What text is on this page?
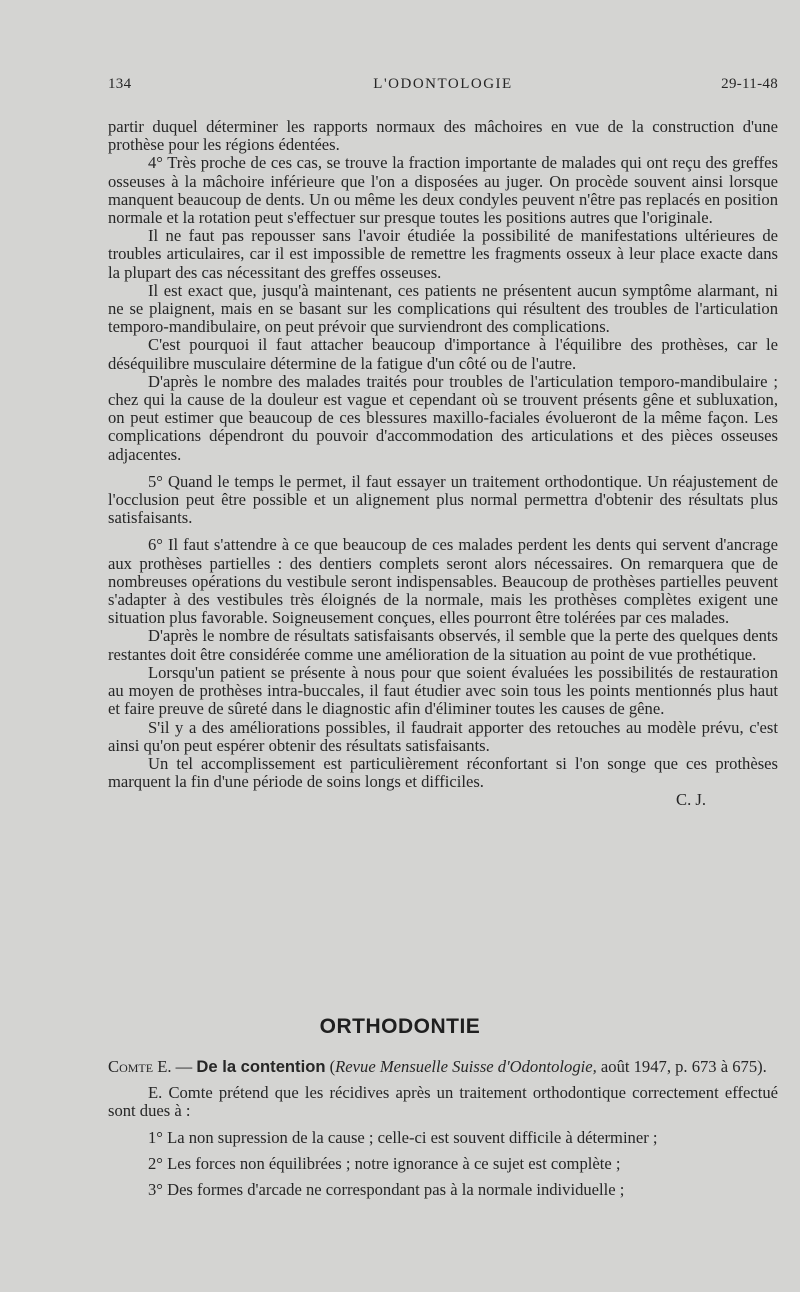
134	L'ODONTOLOGIE	29-11-48

partir duquel déterminer les rapports normaux des mâchoires en vue de la construction d'une prothèse pour les régions édentées.

4° Très proche de ces cas, se trouve la fraction importante de malades qui ont reçu des greffes osseuses à la mâchoire inférieure que l'on a disposées au juger. On procède souvent ainsi lorsque manquent beaucoup de dents. Un ou même les deux condyles peuvent n'être pas replacés en position normale et la rotation peut s'effectuer sur presque toutes les positions autres que l'originale.

Il ne faut pas repousser sans l'avoir étudiée la possibilité de manifestations ultérieures de troubles articulaires, car il est impossible de remettre les fragments osseux à leur place exacte dans la plupart des cas nécessitant des greffes osseuses.

Il est exact que, jusqu'à maintenant, ces patients ne présentent aucun symptôme alarmant, ni ne se plaignent, mais en se basant sur les complications qui résultent des troubles de l'articulation temporo-mandibulaire, on peut prévoir que surviendront des complications.

C'est pourquoi il faut attacher beaucoup d'importance à l'équilibre des prothèses, car le déséquilibre musculaire détermine de la fatigue d'un côté ou de l'autre.

D'après le nombre des malades traités pour troubles de l'articulation temporo-mandibulaire ; chez qui la cause de la douleur est vague et cependant où se trouvent présents gêne et subluxation, on peut estimer que beaucoup de ces blessures maxillo-faciales évolueront de la même façon. Les complications dépendront du pouvoir d'accommodation des articulations et des pièces osseuses adjacentes.

5° Quand le temps le permet, il faut essayer un traitement orthodontique. Un réajustement de l'occlusion peut être possible et un alignement plus normal permettra d'obtenir des résultats plus satisfaisants.

6° Il faut s'attendre à ce que beaucoup de ces malades perdent les dents qui servent d'ancrage aux prothèses partielles : des dentiers complets seront alors nécessaires. On remarquera que de nombreuses opérations du vestibule seront indispensables. Beaucoup de prothèses partielles peuvent s'adapter à des vestibules très éloignés de la normale, mais les prothèses complètes exigent une situation plus favorable. Soigneusement conçues, elles pourront être tolérées par ces malades.

D'après le nombre de résultats satisfaisants observés, il semble que la perte des quelques dents restantes doit être considérée comme une amélioration de la situation au point de vue prothétique.

Lorsqu'un patient se présente à nous pour que soient évaluées les possibilités de restauration au moyen de prothèses intra-buccales, il faut étudier avec soin tous les points mentionnés plus haut et faire preuve de sûreté dans le diagnostic afin d'éliminer toutes les causes de gêne.

S'il y a des améliorations possibles, il faudrait apporter des retouches au modèle prévu, c'est ainsi qu'on peut espérer obtenir des résultats satisfaisants.

Un tel accomplissement est particulièrement réconfortant si l'on songe que ces prothèses marquent la fin d'une période de soins longs et difficiles.

C. J.

ORTHODONTIE

Comte E. — De la contention (Revue Mensuelle Suisse d'Odontologie, août 1947, p. 673 à 675).

E. Comte prétend que les récidives après un traitement orthodontique correctement effectué sont dues à :

1° La non supression de la cause ; celle-ci est souvent difficile à déterminer ;

2° Les forces non équilibrées ; notre ignorance à ce sujet est complète ;

3° Des formes d'arcade ne correspondant pas à la normale individuelle ;
